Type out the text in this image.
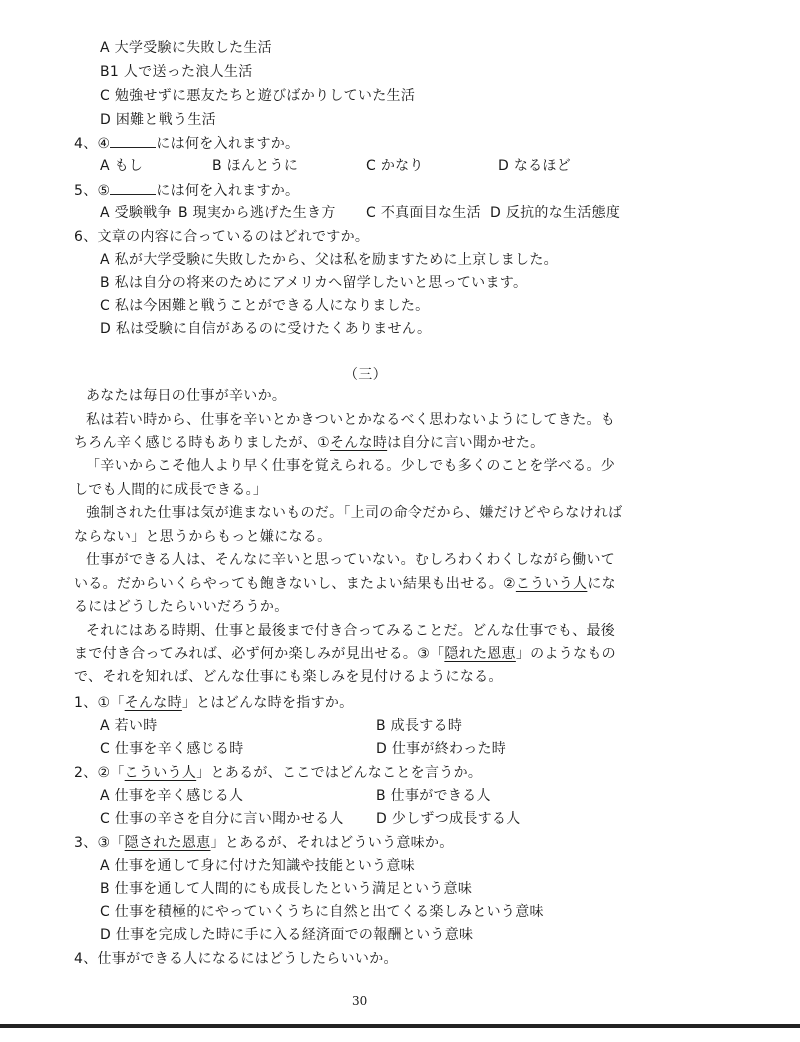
A 大学受験に失敗した生活
B1 人で送った浪人生活
C 勉強せずに悪友たちと遊びばかりしていた生活
D 困難と戦う生活
4、④	には何を入れますか。
A もし	B ほんとうに	C かなり	D なるほど
5、⑤	には何を入れますか。
A 受験戦争 B 現実から逃げた生き方 C 不真面目な生活 D 反抗的な生活態度
6、文章の内容に合っているのはどれですか。
A 私が大学受験に失敗したから、父は私を励ますために上京しました。
B 私は自分の将来のためにアメリカへ留学したいと思っています。
C 私は今困難と戦うことができる人になりました。
D 私は受験に自信があるのに受けたくありません。
（三）
あなたは毎日の仕事が辛いか。
私は若い時から、仕事を辛いとかきついとかなるべく思わないようにしてきた。も
ちろん辛く感じる時もありましたが、①そんな時は自分に言い聞かせた。
「辛いからこそ他人より早く仕事を覚えられる。少しでも多くのことを学べる。少
しでも人間的に成長できる。」
強制された仕事は気が進まないものだ。「上司の命令だから、嫌だけどやらなければ
ならない」と思うからもっと嫌になる。
仕事ができる人は、そんなに辛いと思っていない。むしろわくわくしながら働いて
いる。だからいくらやっても飽きないし、またよい結果も出せる。②こういう人にな
るにはどうしたらいいだろうか。
それにはある時期、仕事と最後まで付き合ってみることだ。どんな仕事でも、最後
まで付き合ってみれば、必ず何か楽しみが見出せる。③「隠れた恩恵」のようなもの
で、それを知れば、どんな仕事にも楽しみを見付けるようになる。
1、①「そんな時」とはどんな時を指すか。
A 若い時	B 成長する時
C 仕事を辛く感じる時	D 仕事が終わった時
2、②「こういう人」とあるが、ここではどんなことを言うか。
A 仕事を辛く感じる人	B 仕事ができる人
C 仕事の辛さを自分に言い聞かせる人 D 少しずつ成長する人
3、③「隠された恩恵」とあるが、それはどういう意味か。
A 仕事を通して身に付けた知識や技能という意味
B 仕事を通して人間的にも成長したという満足という意味
C 仕事を積極的にやっていくうちに自然と出てくる楽しみという意味
D 仕事を完成した時に手に入る経済面での報酬という意味
4、仕事ができる人になるにはどうしたらいいか。
30
